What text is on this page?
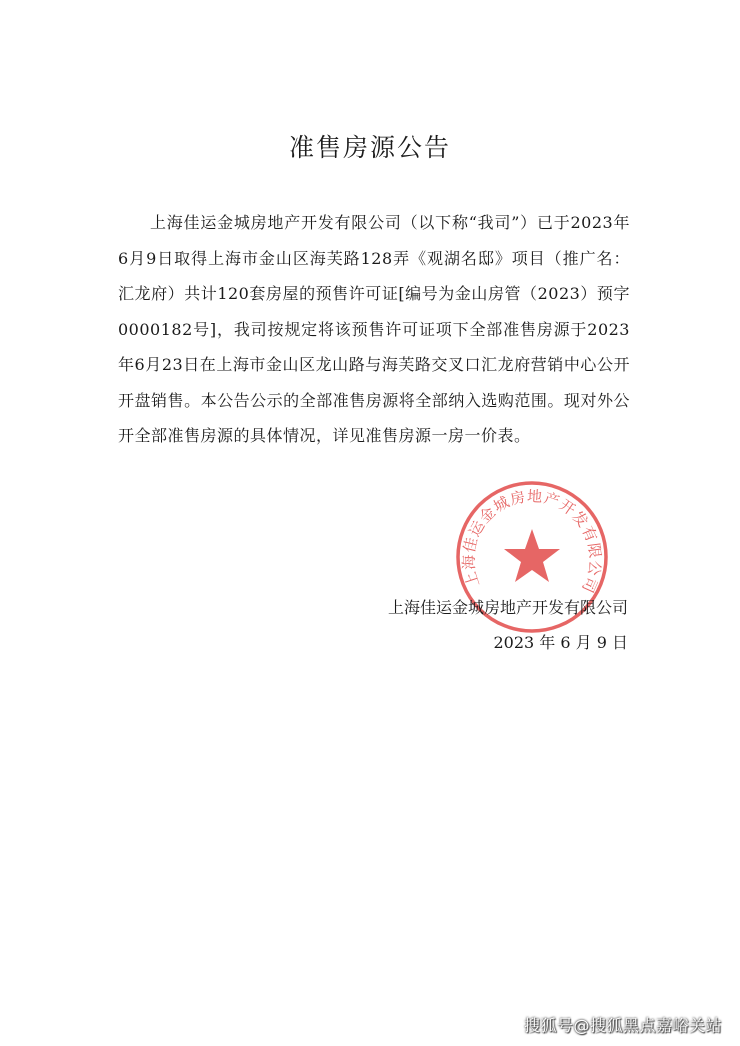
准售房源公告

上海佳运金城房地产开发有限公司（以下称“我司”）已于2023年6月9日取得上海市金山区海芙路128弄《观湖名邸》项目（推广名：汇龙府）共计120套房屋的预售许可证[编号为金山房管（2023）预字0000182号]，我司按规定将该预售许可证项下全部准售房源于2023年6月23日在上海市金山区龙山路与海芙路交叉口汇龙府营销中心公开开盘销售。本公告公示的全部准售房源将全部纳入选购范围。现对外公开全部准售房源的具体情况，详见准售房源一房一价表。

上海佳运金城房地产开发有限公司
上海佳运金城房地产开发有限公司
2023 年 6 月 9 日
搜狐号@搜狐黑点嘉峪关站
